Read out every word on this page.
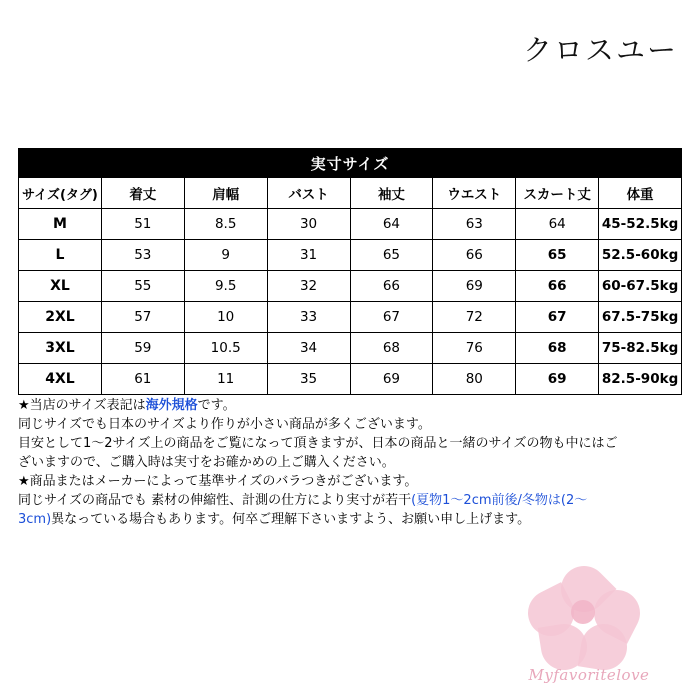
クロスユー
実寸サイズ							
サイズ(タグ)	着丈	肩幅	バスト	袖丈	ウエスト	スカート丈	体重
M	51	8.5	30	64	63	64	45-52.5kg
L	53	9	31	65	66	65	52.5-60kg
XL	55	9.5	32	66	69	66	60-67.5kg
2XL	57	10	33	67	72	67	67.5-75kg
3XL	59	10.5	34	68	76	68	75-82.5kg
4XL	61	11	35	69	80	69	82.5-90kg

★当店のサイズ表記は海外規格です。

同じサイズでも日本のサイズより作りが小さい商品が多くございます。

目安として1〜2サイズ上の商品をご覧になって頂きますが、日本の商品と一緒のサイズの物も中にはご

ざいますので、ご購入時は実寸をお確かめの上ご購入ください。

★商品またはメーカーによって基準サイズのバラつきがございます。

同じサイズの商品でも 素材の伸縮性、計測の仕方により実寸が若干(夏物1〜2cm前後/冬物は(2〜

3cm)異なっている場合もあります。何卒ご理解下さいますよう、お願い申し上げます。

Myfavoritelove
